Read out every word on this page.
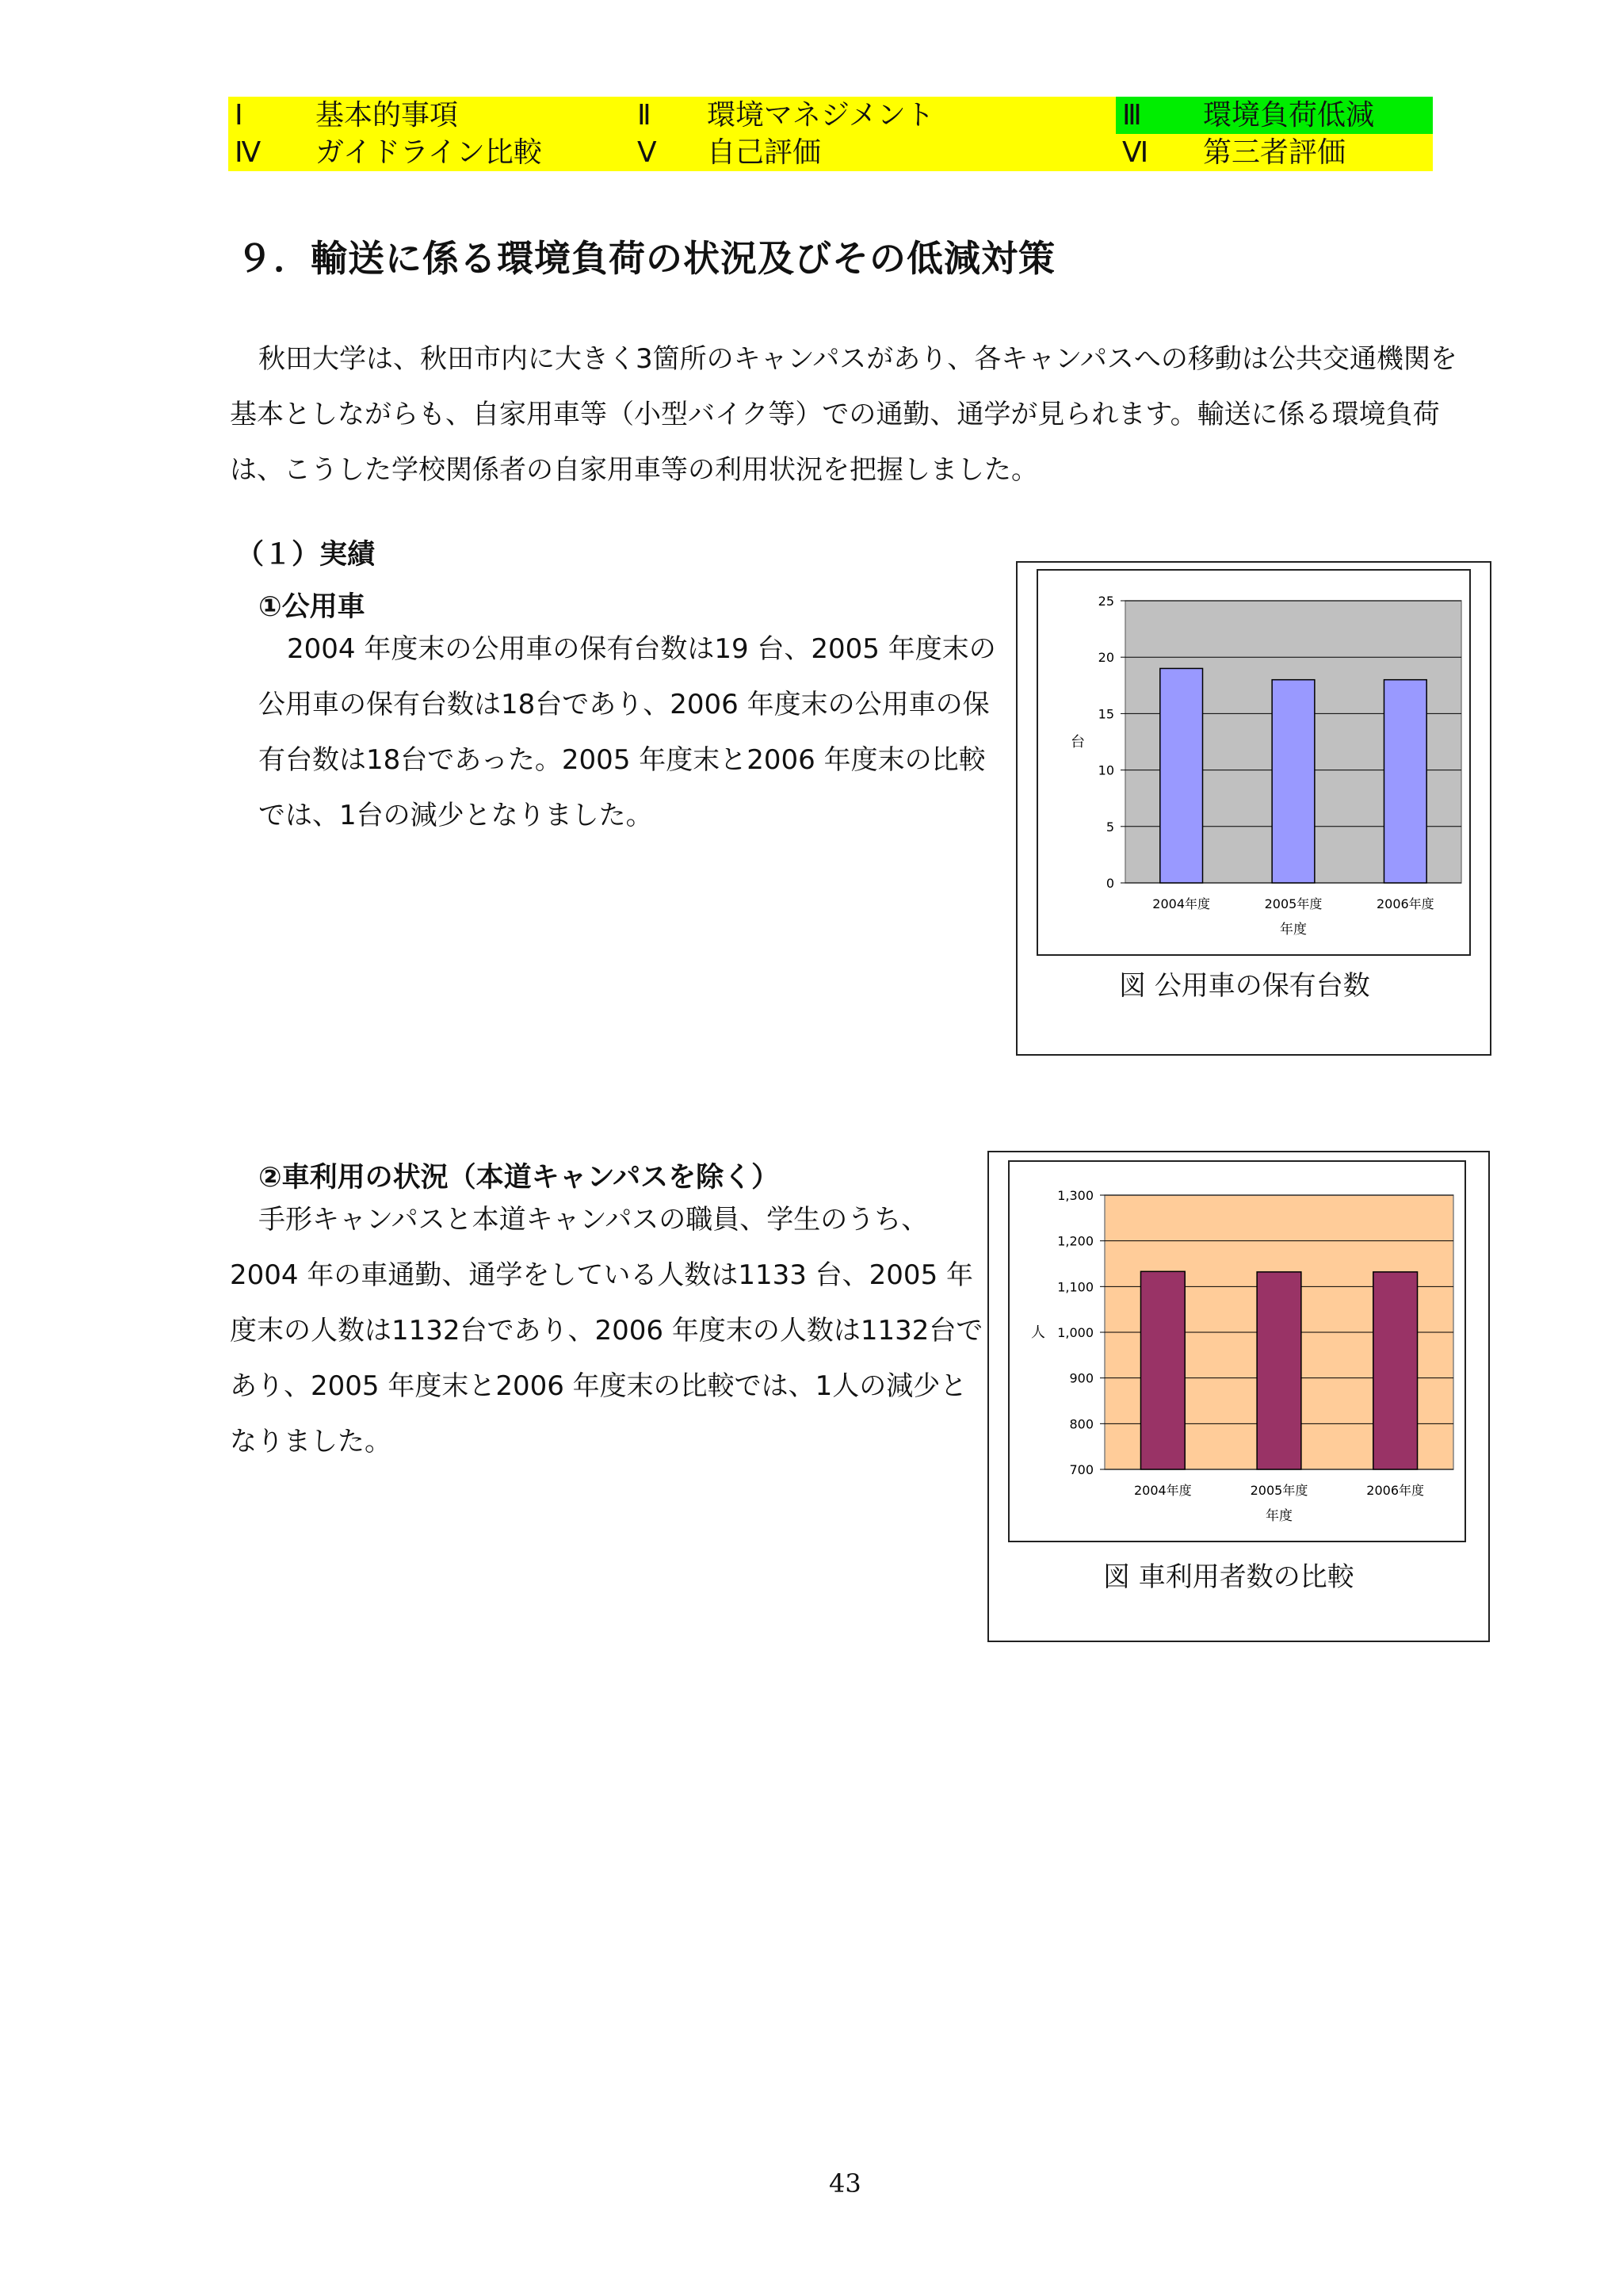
Ⅰ	基本的事項	Ⅱ 環境マネジメント	Ⅲ 環境負荷低減
Ⅳ ガイドライン比較	Ⅴ 自己評価	Ⅵ 第三者評価
９．輸送に係る環境負荷の状況及びその低減対策

秋田大学は、秋田市内に大きく3箇所のキャンパスがあり、各キャンパスへの移動は公共交通機関を基本としながらも、自家用車等（小型バイク等）での通勤、通学が見られます。輸送に係る環境負荷は、こうした学校関係者の自家用車等の利用状況を把握しました。

（１）実績
①公用車

2004 年度末の公用車の保有台数は19 台、2005 年度末の公用車の保有台数は18台であり、2006 年度末の公用車の保有台数は18台であった。2005 年度末と2006 年度末の比較では、1台の減少となりました。

②車利用の状況（本道キャンパスを除く）

手形キャンパスと本道キャンパスの職員、学生のうち、2004 年の車通勤、通学をしている人数は1133 台、2005 年度末の人数は1132台であり、2006 年度末の人数は1132台であり、2005 年度末と2006 年度末の比較では、1人の減少となりました。

0
5
10
15
20
25
2004年度	2005年度	2006年度
年度
台
図 公用車の保有台数
700
800
900
1,000
1,100
1,200
1,300
2004年度	2005年度	2006年度
年度
人
図 車利用者数の比較
43
